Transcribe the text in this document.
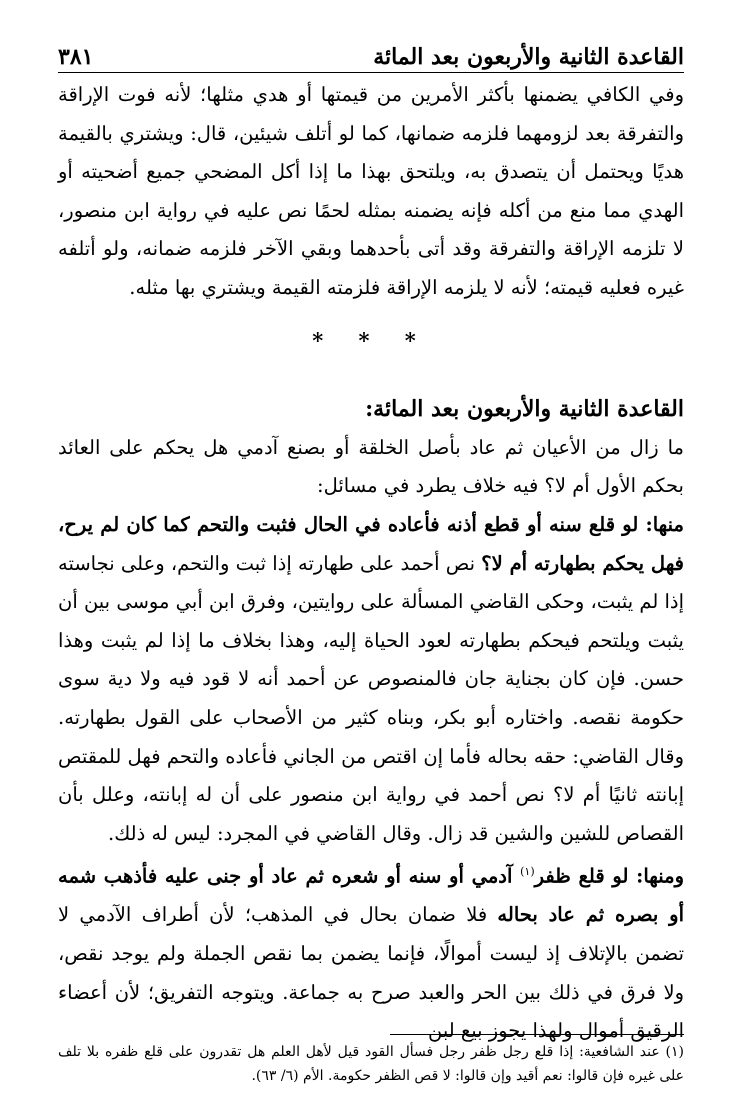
القاعدة الثانية والأربعون بعد المائة
٣٨١

وفي الكافي يضمنها بأكثر الأمرين من قيمتها أو هدي مثلها؛ لأنه فوت الإراقة والتفرقة بعد لزومهما فلزمه ضمانها، كما لو أتلف شيئين، قال: ويشتري بالقيمة هديًا ويحتمل أن يتصدق به، ويلتحق بهذا ما إذا أكل المضحي جميع أضحيته أو الهدي مما منع من أكله فإنه يضمنه بمثله لحمًا نص عليه في رواية ابن منصور، لا تلزمه الإراقة والتفرقة وقد أتى بأحدهما وبقي الآخر فلزمه ضمانه، ولو أتلفه غيره فعليه قيمته؛ لأنه لا يلزمه الإراقة فلزمته القيمة ويشتري بها مثله.

* * *

القاعدة الثانية والأربعون بعد المائة:

ما زال من الأعيان ثم عاد بأصل الخلقة أو بصنع آدمي هل يحكم على العائد بحكم الأول أم لا؟ فيه خلاف يطرد في مسائل:

منها: لو قلع سنه أو قطع أذنه فأعاده في الحال فثبت والتحم كما كان لم يرح، فهل يحكم بطهارته أم لا؟ نص أحمد على طهارته إذا ثبت والتحم، وعلى نجاسته إذا لم يثبت، وحكى القاضي المسألة على روايتين، وفرق ابن أبي موسى بين أن يثبت ويلتحم فيحكم بطهارته لعود الحياة إليه، وهذا بخلاف ما إذا لم يثبت وهذا حسن. فإن كان بجناية جان فالمنصوص عن أحمد أنه لا قود فيه ولا دية سوى حكومة نقصه. واختاره أبو بكر، وبناه كثير من الأصحاب على القول بطهارته. وقال القاضي: حقه بحاله فأما إن اقتص من الجاني فأعاده والتحم فهل للمقتص إبانته ثانيًا أم لا؟ نص أحمد في رواية ابن منصور على أن له إبانته، وعلل بأن القصاص للشين والشين قد زال. وقال القاضي في المجرد: ليس له ذلك.

ومنها: لو قلع ظفر$^{(١)}$ آدمي أو سنه أو شعره ثم عاد أو جنى عليه فأذهب شمه أو بصره ثم عاد بحاله فلا ضمان بحال في المذهب؛ لأن أطراف الآدمي لا تضمن بالإتلاف إذ ليست أموالًا، فإنما يضمن بما نقص الجملة ولم يوجد نقص، ولا فرق في ذلك بين الحر والعبد صرح به جماعة. ويتوجه التفريق؛ لأن أعضاء الرقيق أموال ولهذا يجوز بيع لبن

(١) عند الشافعية: إذا قلع رجل ظفر رجل فسأل القود قيل لأهل العلم هل تقدرون على قلع ظفره بلا تلف على غيره فإن قالوا: نعم أقيد وإن قالوا: لا قص الظفر حكومة. الأم (٦/ ٦٣).
